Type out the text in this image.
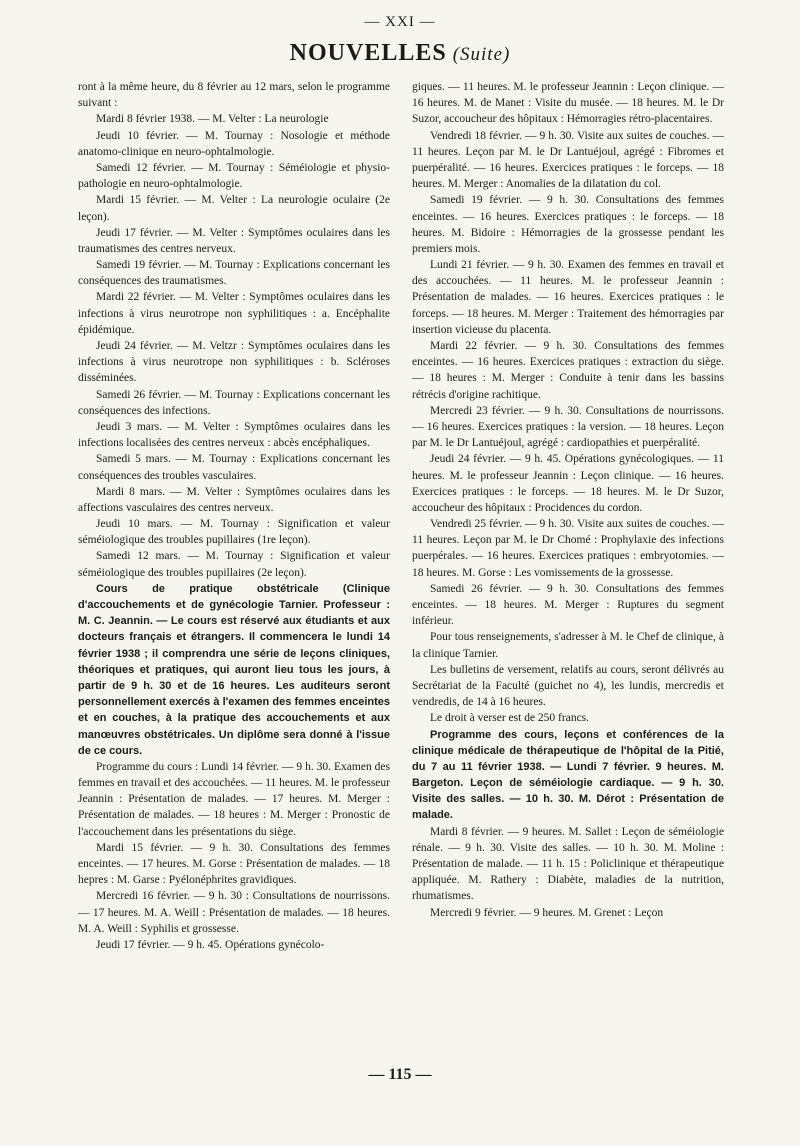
— XXI —
NOUVELLES (Suite)

ront à la même heure, du 8 février au 12 mars, selon le programme suivant :

Mardi 8 février 1938. — M. Velter : La neurologie

Jeudi 10 février. — M. Tournay : Nosologie et méthode anatomo-clinique en neuro-ophtalmologie.

Samedi 12 février. — M. Tournay : Séméiologie et physio-pathologie en neuro-ophtalmologie.

Mardi 15 février. — M. Velter : La neurologie oculaire (2e leçon).

Jeudi 17 février. — M. Velter : Symptômes oculaires dans les traumatismes des centres nerveux.

Samedi 19 février. — M. Tournay : Explications concernant les conséquences des traumatismes.

Mardi 22 février. — M. Velter : Symptômes oculaires dans les infections à virus neurotrope non syphilitiques : a. Encéphalite épidémique.

Jeudi 24 février. — M. Veltzr : Symptômes oculaires dans les infections à virus neurotrope non syphilitiques : b. Scléroses disséminées.

Samedi 26 février. — M. Tournay : Explications concernant les conséquences des infections.

Jeudi 3 mars. — M. Velter : Symptômes oculaires dans les infections localisées des centres nerveux : abcès encéphaliques.

Samedi 5 mars. — M. Tournay : Explications concernant les conséquences des troubles vasculaires.

Mardi 8 mars. — M. Velter : Symptômes oculaires dans les affections vasculaires des centres nerveux.

Jeudi 10 mars. — M. Tournay : Signification et valeur séméiologique des troubles pupillaires (1re leçon).

Samedi 12 mars. — M. Tournay : Signification et valeur séméiologique des troubles pupillaires (2e leçon).

Cours de pratique obstétricale (Clinique d'accouchements et de gynécologie Tarnier. Professeur : M. C. Jeannin. — Le cours est réservé aux étudiants et aux docteurs français et étrangers. Il commencera le lundi 14 février 1938 ; il comprendra une série de leçons cliniques, théoriques et pratiques, qui auront lieu tous les jours, à partir de 9 h. 30 et de 16 heures. Les auditeurs seront personnellement exercés à l'examen des femmes enceintes et en couches, à la pratique des accouchements et aux manœuvres obstétricales. Un diplôme sera donné à l'issue de ce cours.

Programme du cours : Lundi 14 février. — 9 h. 30. Examen des femmes en travail et des accouchées. — 11 heures. M. le professeur Jeannin : Présentation de malades. — 17 heures. M. Merger : Présentation de malades. — 18 heures : M. Merger : Pronostic de l'accouchement dans les présentations du siège.

Mardi 15 février. — 9 h. 30. Consultations des femmes enceintes. — 17 heures. M. Gorse : Présentation de malades. — 18 hepres : M. Garse : Pyélonéphrites gravidiques.

Mercredi 16 février. — 9 h. 30 : Consultations de nourrissons. — 17 heures. M. A. Weill : Présentation de malades. — 18 heures. M. A. Weill : Syphilis et grossesse.

Jeudi 17 février. — 9 h. 45. Opérations gynécolo-

giques. — 11 heures. M. le professeur Jeannin : Leçon clinique. — 16 heures. M. de Manet : Visite du musée. — 18 heures. M. le Dr Suzor, accoucheur des hôpitaux : Hémorragies rétro-placentaires.

Vendredi 18 février. — 9 h. 30. Visite aux suites de couches. — 11 heures. Leçon par M. le Dr Lantuéjoul, agrégé : Fibromes et puerpéralité. — 16 heures. Exercices pratiques : le forceps. — 18 heures. M. Merger : Anomalies de la dilatation du col.

Samedi 19 février. — 9 h. 30. Consultations des femmes enceintes. — 16 heures. Exercices pratiques : le forceps. — 18 heures. M. Bidoire : Hémorragies de la grossesse pendant les premiers mois.

Lundi 21 février. — 9 h. 30. Examen des femmes en travail et des accouchées. — 11 heures. M. le professeur Jeannin : Présentation de malades. — 16 heures. Exercices pratiques : le forceps. — 18 heures. M. Merger : Traitement des hémorragies par insertion vicieuse du placenta.

Mardi 22 février. — 9 h. 30. Consultations des femmes enceintes. — 16 heures. Exercices pratiques : extraction du siège. — 18 heures : M. Merger : Conduite à tenir dans les bassins rétrécis d'origine rachitique.

Mercredi 23 février. — 9 h. 30. Consultations de nourrissons. — 16 heures. Exercices pratiques : la version. — 18 heures. Leçon par M. le Dr Lantuéjoul, agrégé : cardiopathies et puerpéralité.

Jeudi 24 février. — 9 h. 45. Opérations gynécologiques. — 11 heures. M. le professeur Jeannin : Leçon clinique. — 16 heures. Exercices pratiques : le forceps. — 18 heures. M. le Dr Suzor, accoucheur des hôpitaux : Procidences du cordon.

Vendredi 25 février. — 9 h. 30. Visite aux suites de couches. — 11 heures. Leçon par M. le Dr Chomé : Prophylaxie des infections puerpérales. — 16 heures. Exercices pratiques : embryotomies. — 18 heures. M. Gorse : Les vomissements de la grossesse.

Samedi 26 février. — 9 h. 30. Consultations des femmes enceintes. — 18 heures. M. Merger : Ruptures du segment inférieur.

Pour tous renseignements, s'adresser à M. le Chef de clinique, à la clinique Tarnier.

Les bulletins de versement, relatifs au cours, seront délivrés au Secrétariat de la Faculté (guichet no 4), les lundis, mercredis et vendredis, de 14 à 16 heures.

Le droit à verser est de 250 francs.

Programme des cours, leçons et conférences de la clinique médicale de thérapeutique de l'hôpital de la Pitié, du 7 au 11 février 1938. — Lundi 7 février. 9 heures. M. Bargeton. Leçon de séméiologie cardiaque. — 9 h. 30. Visite des salles. — 10 h. 30. M. Dérot : Présentation de malade.

Mardi 8 février. — 9 heures. M. Sallet : Leçon de séméiologie rénale. — 9 h. 30. Visite des salles. — 10 h. 30. M. Moline : Présentation de malade. — 11 h. 15 : Policlinique et thérapeutique appliquée. M. Rathery : Diabète, maladies de la nutrition, rhumatismes.

Mercredi 9 février. — 9 heures. M. Grenet : Leçon

— 115 —
